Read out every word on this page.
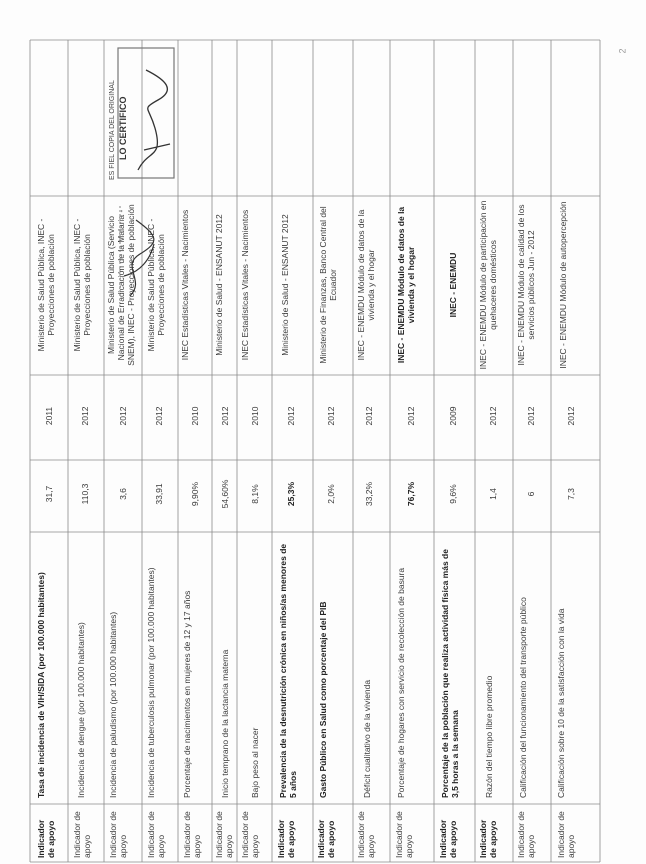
Indicador de apoyo
Tasa de incidencia de VIH/SIDA (por 100.000 habitantes)
31,7
2011
Ministerio de Salud Pública, INEC - Proyecciones de población
Indicador de apoyo
Incidencia de dengue (por 100.000 habitantes)
110,3
2012
Ministerio de Salud Pública, INEC - Proyecciones de población
Indicador de apoyo
Incidencia de paludismo (por 100.000 habitantes)
3,6
2012
Ministerio de Salud Pública (Servicio Nacional de Erradicación de la Malaria - SNEM), INEC - Proyecciones de población
Indicador de apoyo
Incidencia de tuberculosis pulmonar (por 100.000 habitantes)
33,91
2012
Ministerio de Salud Pública, INEC - Proyecciones de población
Indicador de apoyo
Porcentaje de nacimientos en mujeres de 12 y 17 años
9,90%
2010
INEC Estadísticas Vitales - Nacimientos
Indicador de apoyo
Inicio temprano de la lactancia materna
54,60%
2012
Ministerio de Salud - ENSANUT 2012
Indicador de apoyo
Bajo peso al nacer
8,1%
2010
INEC Estadísticas Vitales - Nacimientos
Indicador de apoyo
Prevalencia de la desnutrición crónica en niños/as menores de 5 años
25,3%
2012
Ministerio de Salud - ENSANUT 2012
Indicador de apoyo
Gasto Público en Salud como porcentaje del PIB
2,0%
2012
Ministerio de Finanzas, Banco Central del Ecuador
Indicador de apoyo
Déficit cualitativo de la vivienda
33,2%
2012
INEC - ENEMDU Módulo de datos de la vivienda y el hogar
Indicador de apoyo
Porcentaje de hogares con servicio de recolección de basura
76,7%
2012
INEC - ENEMDU Módulo de datos de la vivienda y el hogar
Indicador de apoyo
Porcentaje de la población que realiza actividad física más de 3,5 horas a la semana
9,6%
2009
INEC - ENEMDU
Indicador de apoyo
Razón del tiempo libre promedio
1,4
2012
INEC - ENEMDU Módulo de participación en quehaceres domésticos
Indicador de apoyo
Calificación del funcionamiento del transporte público
6
2012
INEC - ENEMDU Módulo de calidad de los servicios públicos Jun - 2012
Indicador de apoyo
Calificación sobre 10 de la satisfacción con la vida
7,3
2012
INEC - ENEMDU Módulo de autopercepción
ES FIEL COPIA DEL ORIGINAL LO CERTIFICO
2
